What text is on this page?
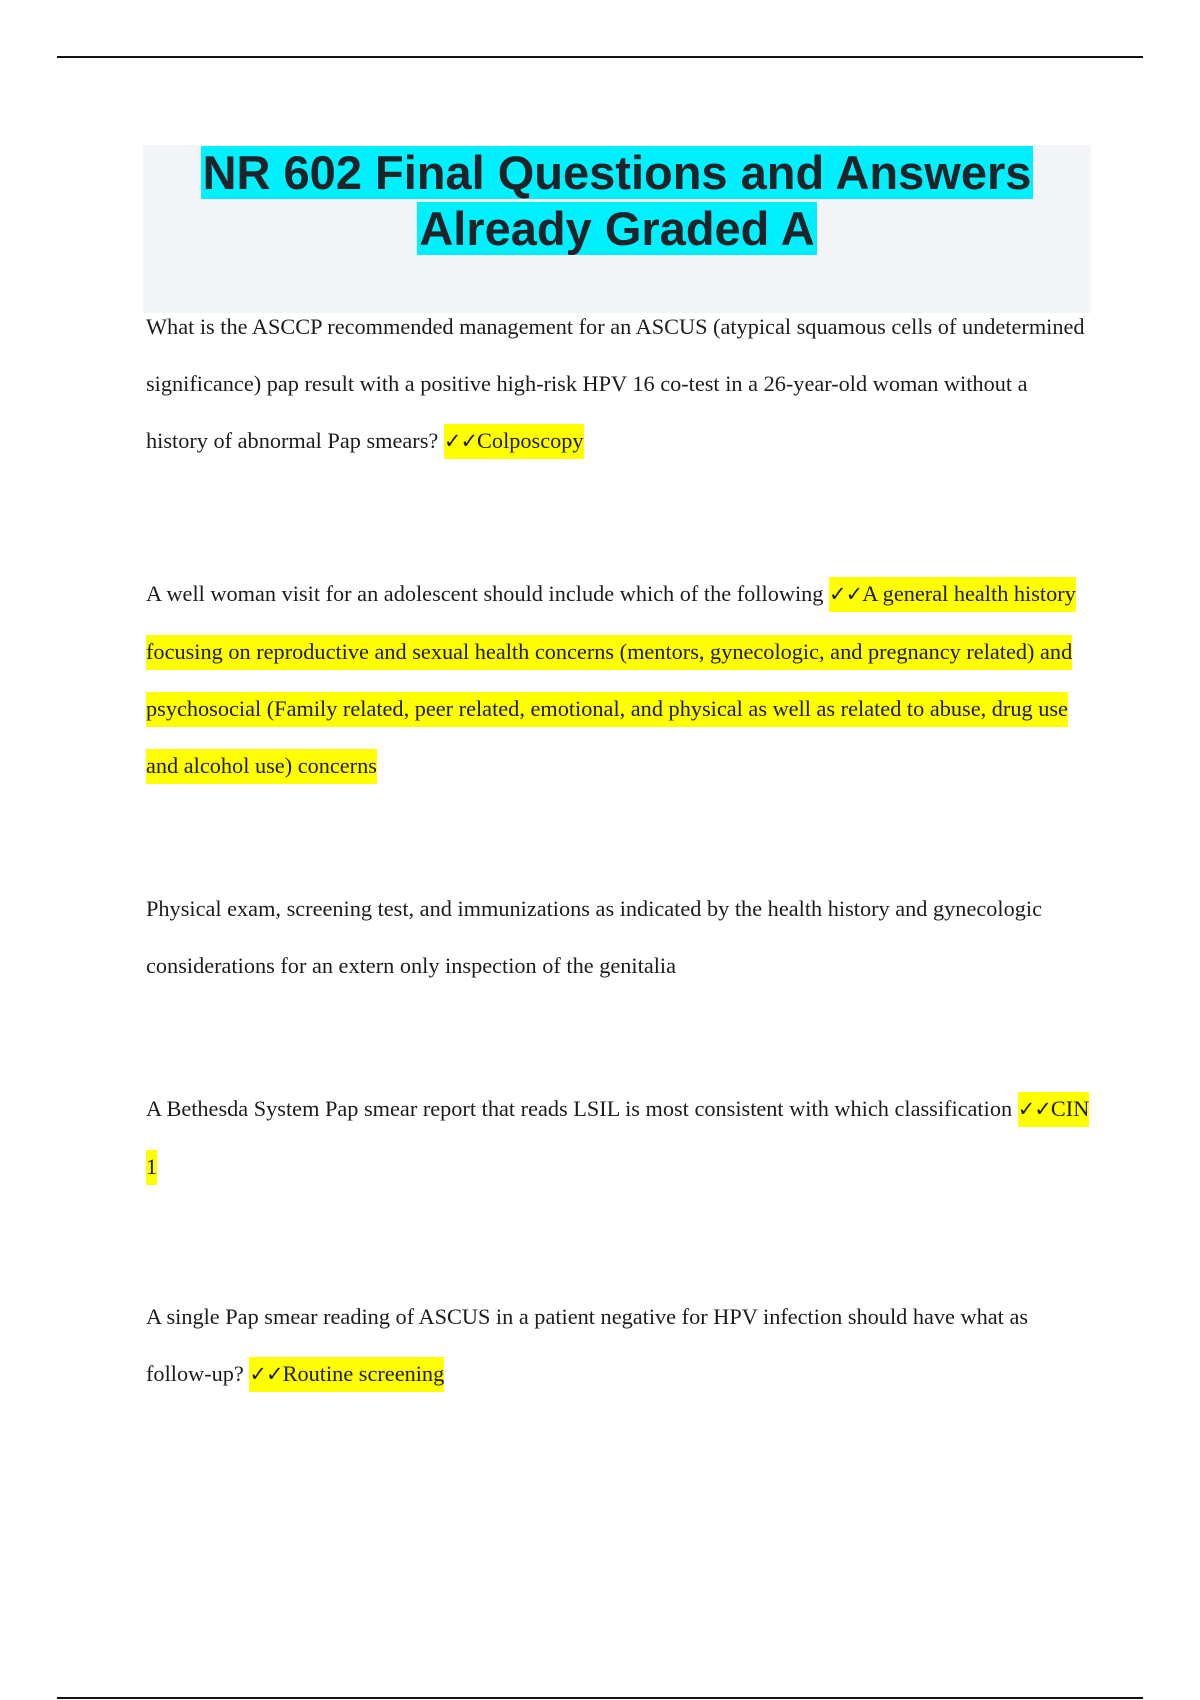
NR 602 Final Questions and Answers
Already Graded A

What is the ASCCP recommended management for an ASCUS (atypical squamous cells of undetermined significance) pap result with a positive high-risk HPV 16 co-test in a 26-year-old woman without a history of abnormal Pap smears? ✓✓Colposcopy

A well woman visit for an adolescent should include which of the following ✓✓A general health history focusing on reproductive and sexual health concerns (mentors, gynecologic, and pregnancy related) and psychosocial (Family related, peer related, emotional, and physical as well as related to abuse, drug use and alcohol use) concerns

Physical exam, screening test, and immunizations as indicated by the health history and gynecologic considerations for an extern only inspection of the genitalia

A Bethesda System Pap smear report that reads LSIL is most consistent with which classification ✓✓CIN 1

A single Pap smear reading of ASCUS in a patient negative for HPV infection should have what as follow-up? ✓✓Routine screening
